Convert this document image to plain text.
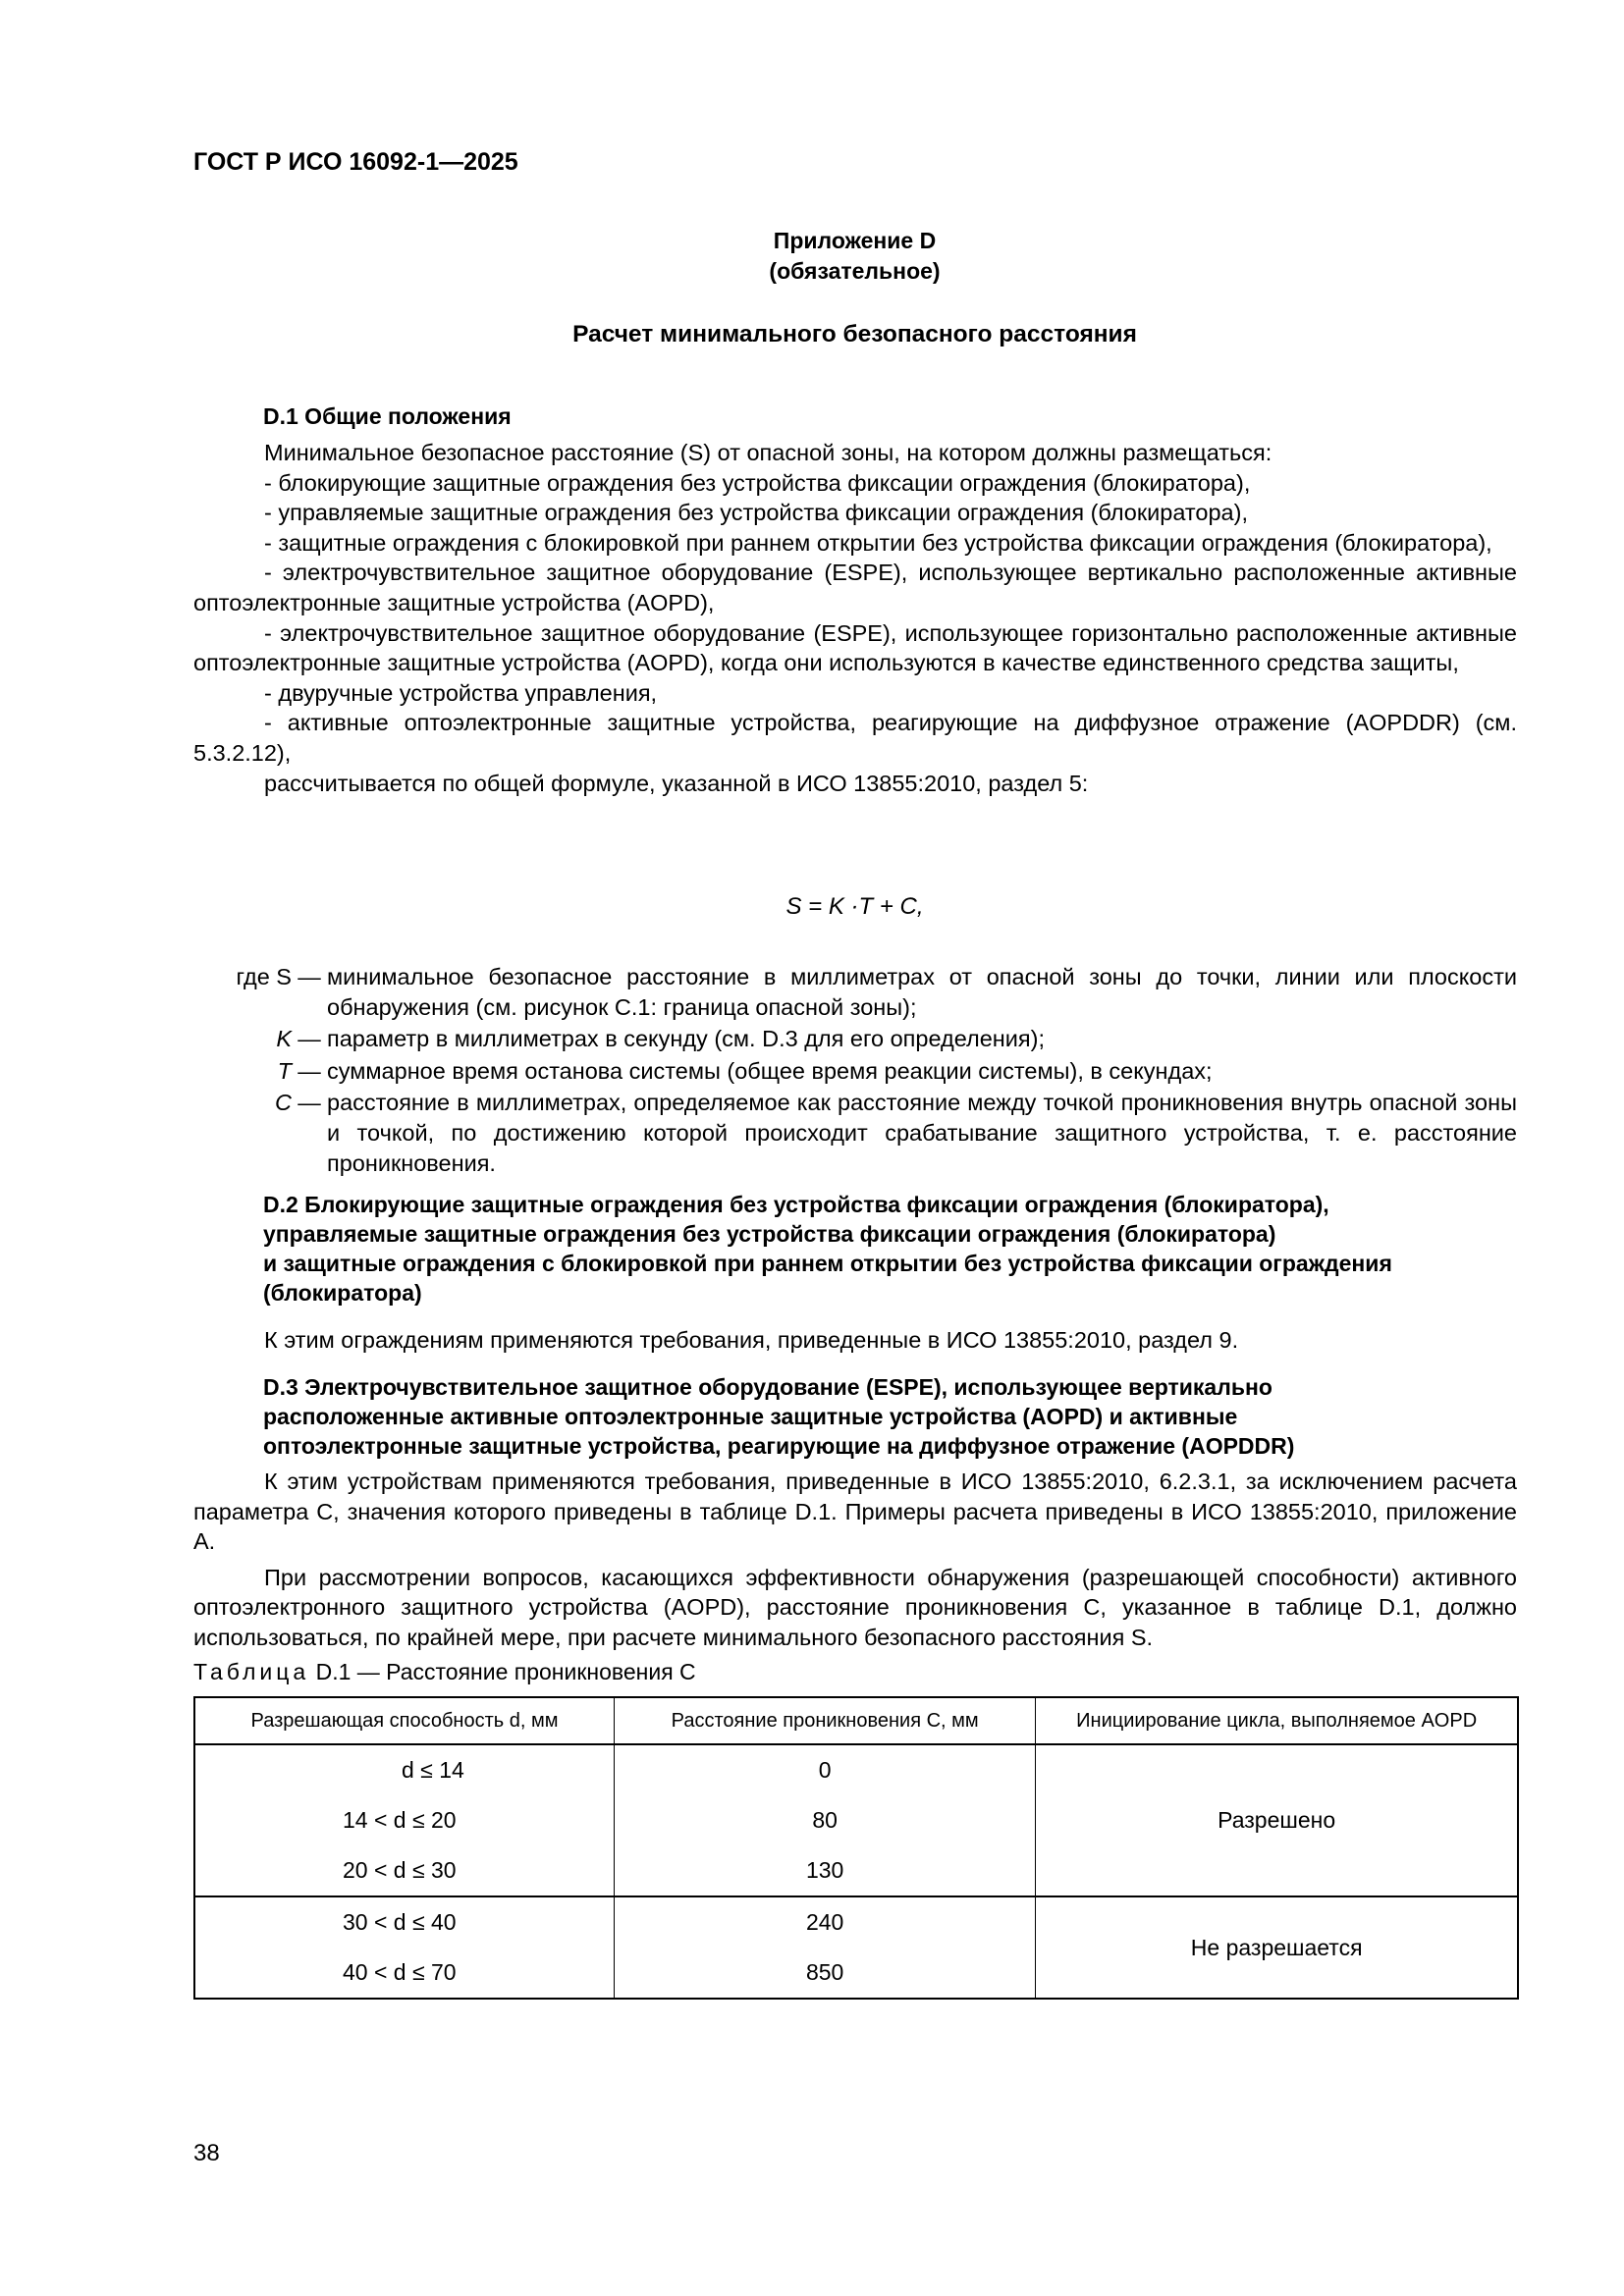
ГОСТ Р ИСО 16092-1—2025
Приложение D
(обязательное)
Расчет минимального безопасного расстояния
D.1 Общие положения

Минимальное безопасное расстояние (S) от опасной зоны, на котором должны размещаться:

- блокирующие защитные ограждения без устройства фиксации ограждения (блокиратора),

- управляемые защитные ограждения без устройства фиксации ограждения (блокиратора),

- защитные ограждения с блокировкой при раннем открытии без устройства фиксации ограждения (блокиратора),

- электрочувствительное защитное оборудование (ESPE), использующее вертикально расположенные активные оптоэлектронные защитные устройства (AOPD),

- электрочувствительное защитное оборудование (ESPE), использующее горизонтально расположенные активные оптоэлектронные защитные устройства (AOPD), когда они используются в качестве единственного средства защиты,

- двуручные устройства управления,

- активные оптоэлектронные защитные устройства, реагирующие на диффузное отражение (AOPDDR) (см. 5.3.2.12),

рассчитывается по общей формуле, указанной в ИСО 13855:2010, раздел 5:

S = K ·T + C,
где S — минимальное безопасное расстояние в миллиметрах от опасной зоны до точки, линии или плоскости обнаружения (см. рисунок С.1: граница опасной зоны);
K — параметр в миллиметрах в секунду (см. D.3 для его определения);
T — суммарное время останова системы (общее время реакции системы), в секундах;
C — расстояние в миллиметрах, определяемое как расстояние между точкой проникновения внутрь опасной зоны и точкой, по достижению которой происходит срабатывание защитного устройства, т. е. расстояние проникновения.
D.2 Блокирующие защитные ограждения без устройства фиксации ограждения (блокиратора),
управляемые защитные ограждения без устройства фиксации ограждения (блокиратора)
и защитные ограждения с блокировкой при раннем открытии без устройства фиксации ограждения
(блокиратора)

К этим ограждениям применяются требования, приведенные в ИСО 13855:2010, раздел 9.

D.3 Электрочувствительное защитное оборудование (ESPE), использующее вертикально
расположенные активные оптоэлектронные защитные устройства (AOPD) и активные
оптоэлектронные защитные устройства, реагирующие на диффузное отражение (AOPDDR)

К этим устройствам применяются требования, приведенные в ИСО 13855:2010, 6.2.3.1, за исключением расчета параметра С, значения которого приведены в таблице D.1. Примеры расчета приведены в ИСО 13855:2010, приложение А.

При рассмотрении вопросов, касающихся эффективности обнаружения (разрешающей способности) активного оптоэлектронного защитного устройства (AOPD), расстояние проникновения С, указанное в таблице D.1, должно использоваться, по крайней мере, при расчете минимального безопасного расстояния S.

Таблица D.1 — Расстояние проникновения С
Разрешающая способность d, мм	Расстояние проникновения С, мм	Инициирование цикла, выполняемое AOPD
d ≤ 14	0	Разрешено
14 < d ≤ 20	80	
20 < d ≤ 30	130	
30 < d ≤ 40	240	Не разрешается
40 < d ≤ 70	850	
38
